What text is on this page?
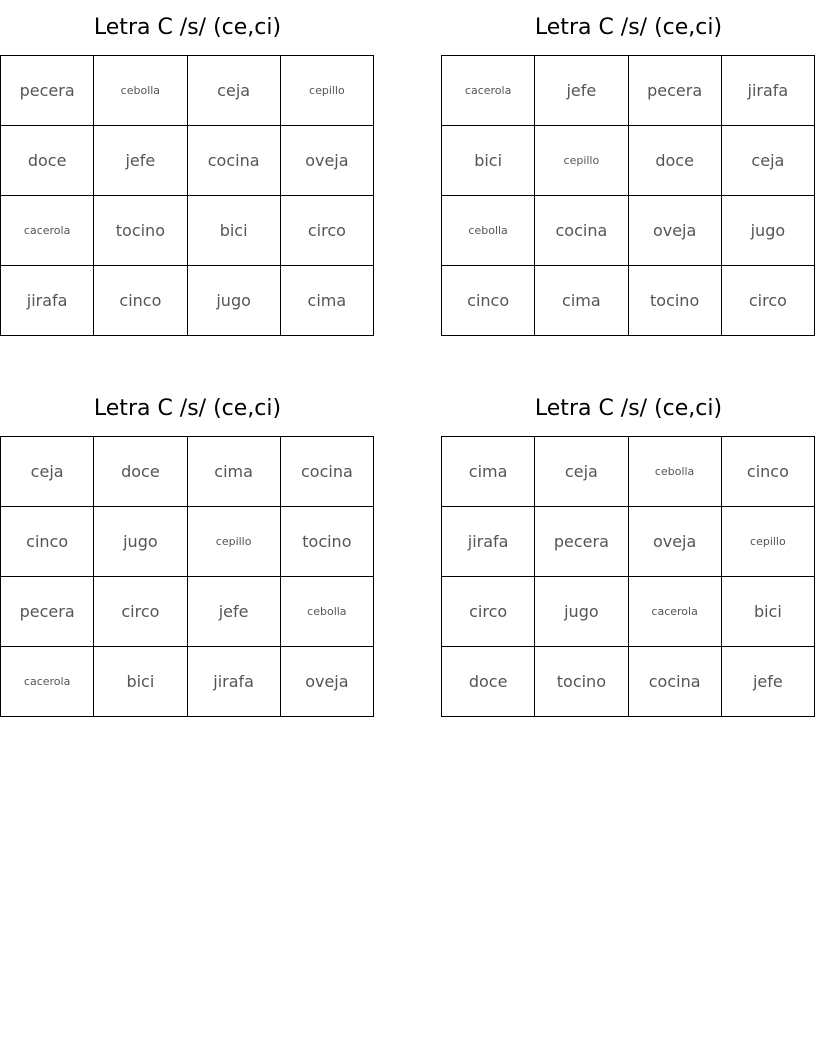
Letra C /s/ (ce,ci)
pecera	cebolla	ceja	cepillo
doce	jefe	cocina	oveja
cacerola	tocino	bici	circo
jirafa	cinco	jugo	cima
Letra C /s/ (ce,ci)
cacerola	jefe	pecera	jirafa
bici	cepillo	doce	ceja
cebolla	cocina	oveja	jugo
cinco	cima	tocino	circo
Letra C /s/ (ce,ci)
ceja	doce	cima	cocina
cinco	jugo	cepillo	tocino
pecera	circo	jefe	cebolla
cacerola	bici	jirafa	oveja
Letra C /s/ (ce,ci)
cima	ceja	cebolla	cinco
jirafa	pecera	oveja	cepillo
circo	jugo	cacerola	bici
doce	tocino	cocina	jefe
